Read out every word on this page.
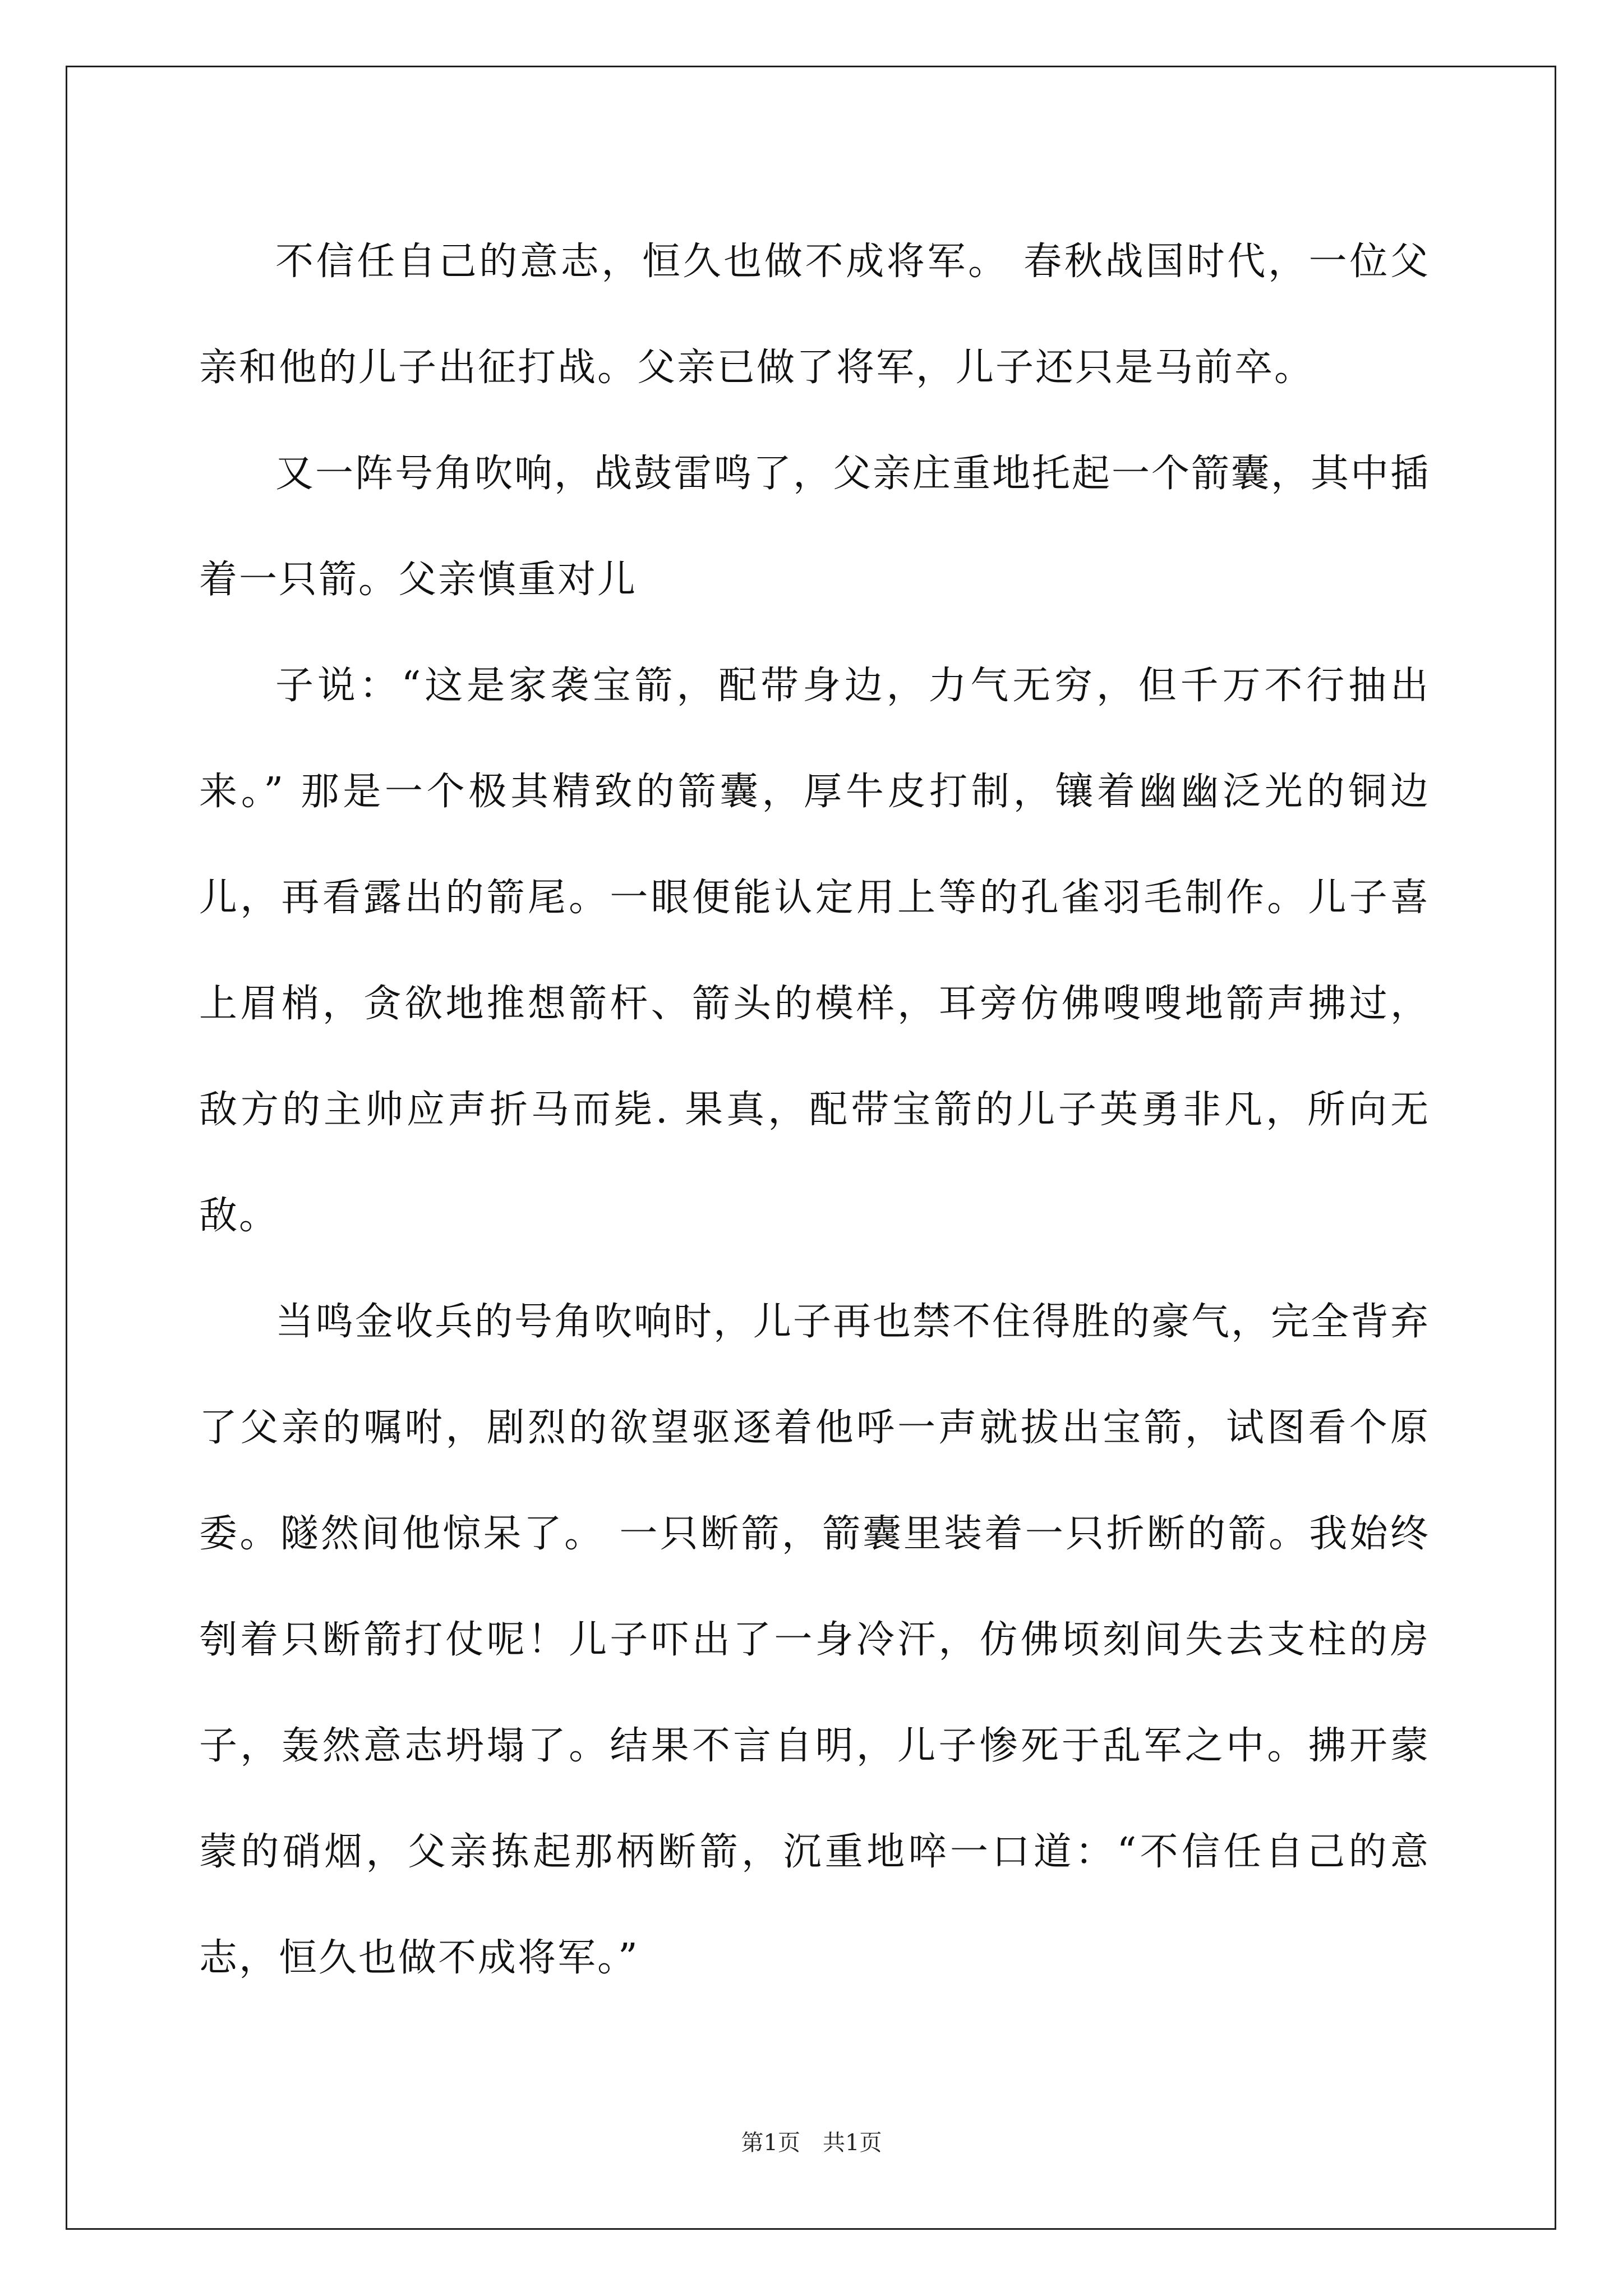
不信任自己的意志，恒久也做不成将军。 春秋战国时代，一位父亲和他的儿子出征打战。父亲已做了将军，儿子还只是马前卒。

又一阵号角吹响，战鼓雷鸣了，父亲庄重地托起一个箭囊，其中插着一只箭。父亲慎重对儿

子说：“这是家袭宝箭，配带身边，力气无穷，但千万不行抽出来。” 那是一个极其精致的箭囊，厚牛皮打制，镶着幽幽泛光的铜边儿，再看露出的箭尾。一眼便能认定用上等的孔雀羽毛制作。儿子喜上眉梢，贪欲地推想箭杆、箭头的模样，耳旁仿佛嗖嗖地箭声拂过，敌方的主帅应声折马而毙. 果真，配带宝箭的儿子英勇非凡，所向无敌。

当鸣金收兵的号角吹响时，儿子再也禁不住得胜的豪气，完全背弃了父亲的嘱咐，剧烈的欲望驱逐着他呼一声就拔出宝箭，试图看个原委。隧然间他惊呆了。 一只断箭，箭囊里装着一只折断的箭。我始终刳着只断箭打仗呢！儿子吓出了一身冷汗，仿佛顷刻间失去支柱的房子，轰然意志坍塌了。结果不言自明，儿子惨死于乱军之中。拂开蒙蒙的硝烟，父亲拣起那柄断箭，沉重地啐一口道：“不信任自己的意志，恒久也做不成将军。”

第1页　共1页
